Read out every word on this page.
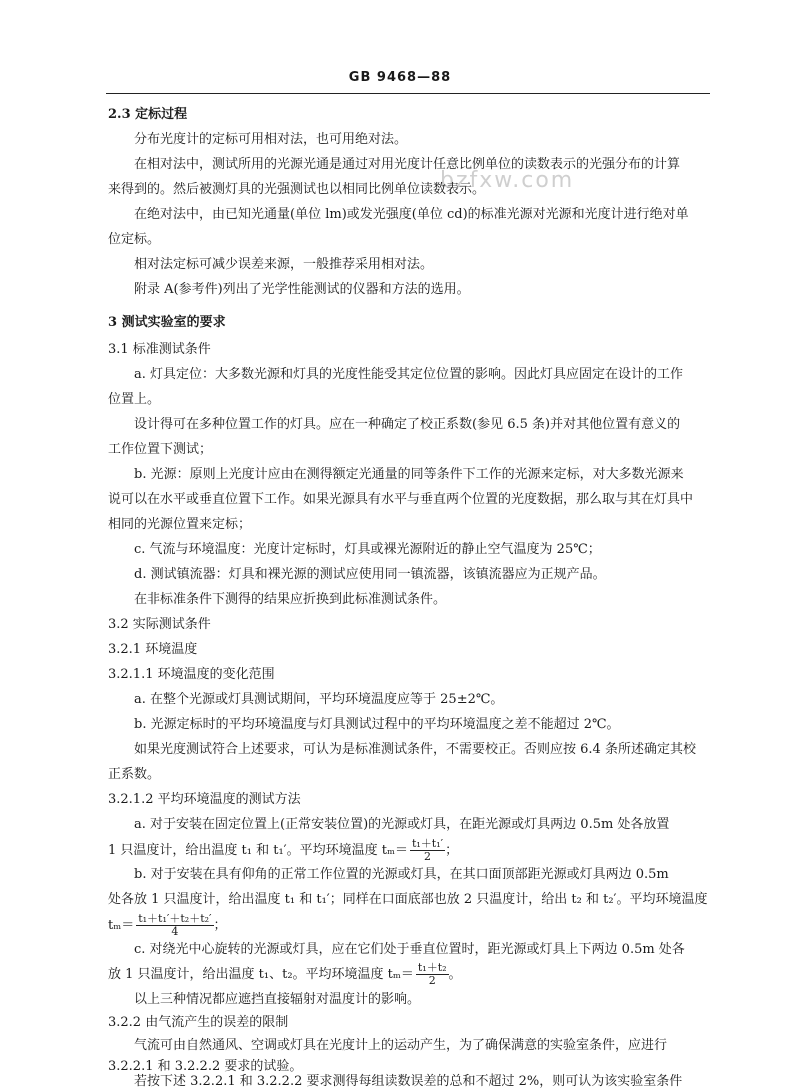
GB 9468—88
bzfxw.com
2.3 定标过程
分布光度计的定标可用相对法，也可用绝对法。
在相对法中，测试所用的光源光通是通过对用光度计任意比例单位的读数表示的光强分布的计算
来得到的。然后被测灯具的光强测试也以相同比例单位读数表示。
在绝对法中，由已知光通量(单位 lm)或发光强度(单位 cd)的标准光源对光源和光度计进行绝对单
位定标。
相对法定标可减少误差来源，一般推荐采用相对法。
附录 A(参考件)列出了光学性能测试的仪器和方法的选用。
3 测试实验室的要求
3.1 标准测试条件
a. 灯具定位：大多数光源和灯具的光度性能受其定位位置的影响。因此灯具应固定在设计的工作
位置上。
设计得可在多种位置工作的灯具。应在一种确定了校正系数(参见 6.5 条)并对其他位置有意义的
工作位置下测试；
b. 光源：原则上光度计应由在测得额定光通量的同等条件下工作的光源来定标，对大多数光源来
说可以在水平或垂直位置下工作。如果光源具有水平与垂直两个位置的光度数据，那么取与其在灯具中
相同的光源位置来定标；
c. 气流与环境温度：光度计定标时，灯具或裸光源附近的静止空气温度为 25℃；
d. 测试镇流器：灯具和裸光源的测试应使用同一镇流器，该镇流器应为正规产品。
在非标准条件下测得的结果应折换到此标准测试条件。
3.2 实际测试条件
3.2.1 环境温度
3.2.1.1 环境温度的变化范围
a. 在整个光源或灯具测试期间，平均环境温度应等于 25±2℃。
b. 光源定标时的平均环境温度与灯具测试过程中的平均环境温度之差不能超过 2℃。
如果光度测试符合上述要求，可认为是标准测试条件，不需要校正。否则应按 6.4 条所述确定其校
正系数。
3.2.1.2 平均环境温度的测试方法
a. 对于安装在固定位置上(正常安装位置)的光源或灯具，在距光源或灯具两边 0.5m 处各放置
1 只温度计，给出温度 t₁ 和 t₁′。平均环境温度 $t_m= \frac{\text{t₁＋t₁′}}{2}$ ；
b. 对于安装在具有仰角的正常工作位置的光源或灯具，在其口面顶部距光源或灯具两边 0.5m
处各放 1 只温度计，给出温度 t₁ 和 t₁′；同样在口面底部也放 2 只温度计，给出 t₂ 和 t₂′。平均环境温度
$t_m= \frac{\text{t₁＋t₁′＋t₂＋t₂′}}{4}$ ；
c. 对绕光中心旋转的光源或灯具，应在它们处于垂直位置时，距光源或灯具上下两边 0.5m 处各
放 1 只温度计，给出温度 t₁、t₂。平均环境温度 $t_m= \frac{\text{t₁＋t₂}}{2}$ 。
以上三种情况都应遮挡直接辐射对温度计的影响。
3.2.2 由气流产生的误差的限制
气流可由自然通风、空调或灯具在光度计上的运动产生，为了确保满意的实验室条件，应进行
3.2.2.1 和 3.2.2.2 要求的试验。
若按下述 3.2.2.1 和 3.2.2.2 要求测得每组读数误差的总和不超过 2%，则可认为该实验室条件
